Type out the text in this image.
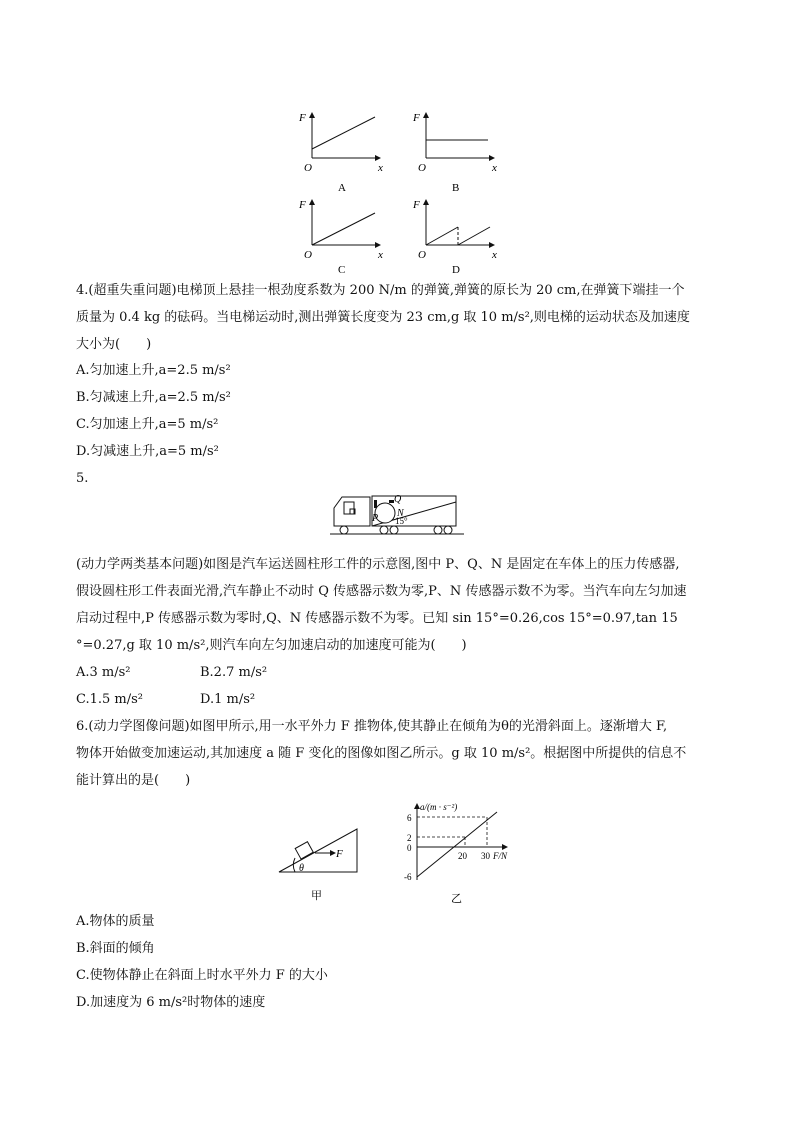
F
x
O
A
F
x
O
B
F
x
O
C
F
x
O
D
4.(超重失重问题)电梯顶上悬挂一根劲度系数为 200 N/m 的弹簧,弹簧的原长为 20 cm,在弹簧下端挂一个
质量为 0.4 kg 的砝码。当电梯运动时,测出弹簧长度变为 23 cm,g 取 10 m/s²,则电梯的运动状态及加速度
大小为(　　)
A.匀加速上升,a=2.5 m/s²
B.匀减速上升,a=2.5 m/s²
C.匀加速上升,a=5 m/s²
D.匀减速上升,a=5 m/s²
5.
Q
N
P 15°
(动力学两类基本问题)如图是汽车运送圆柱形工件的示意图,图中 P、Q、N 是固定在车体上的压力传感器,
假设圆柱形工件表面光滑,汽车静止不动时 Q 传感器示数为零,P、N 传感器示数不为零。当汽车向左匀加速
启动过程中,P 传感器示数为零时,Q、N 传感器示数不为零。已知 sin 15°=0.26,cos 15°=0.97,tan 15
°=0.27,g 取 10 m/s²,则汽车向左匀加速启动的加速度可能为(　　)
A.3 m/s²	B.2.7 m/s²
C.1.5 m/s²	D.1 m/s²
6.(动力学图像问题)如图甲所示,用一水平外力 F 推物体,使其静止在倾角为θ的光滑斜面上。逐渐增大 F,
物体开始做变加速运动,其加速度 a 随 F 变化的图像如图乙所示。g 取 10 m/s²。根据图中所提供的信息不
能计算出的是(　　)
F
θ
甲
a/(m · s⁻²)
F/N
6
2
0
-6
20 30
乙
A.物体的质量
B.斜面的倾角
C.使物体静止在斜面上时水平外力 F 的大小
D.加速度为 6 m/s²时物体的速度
